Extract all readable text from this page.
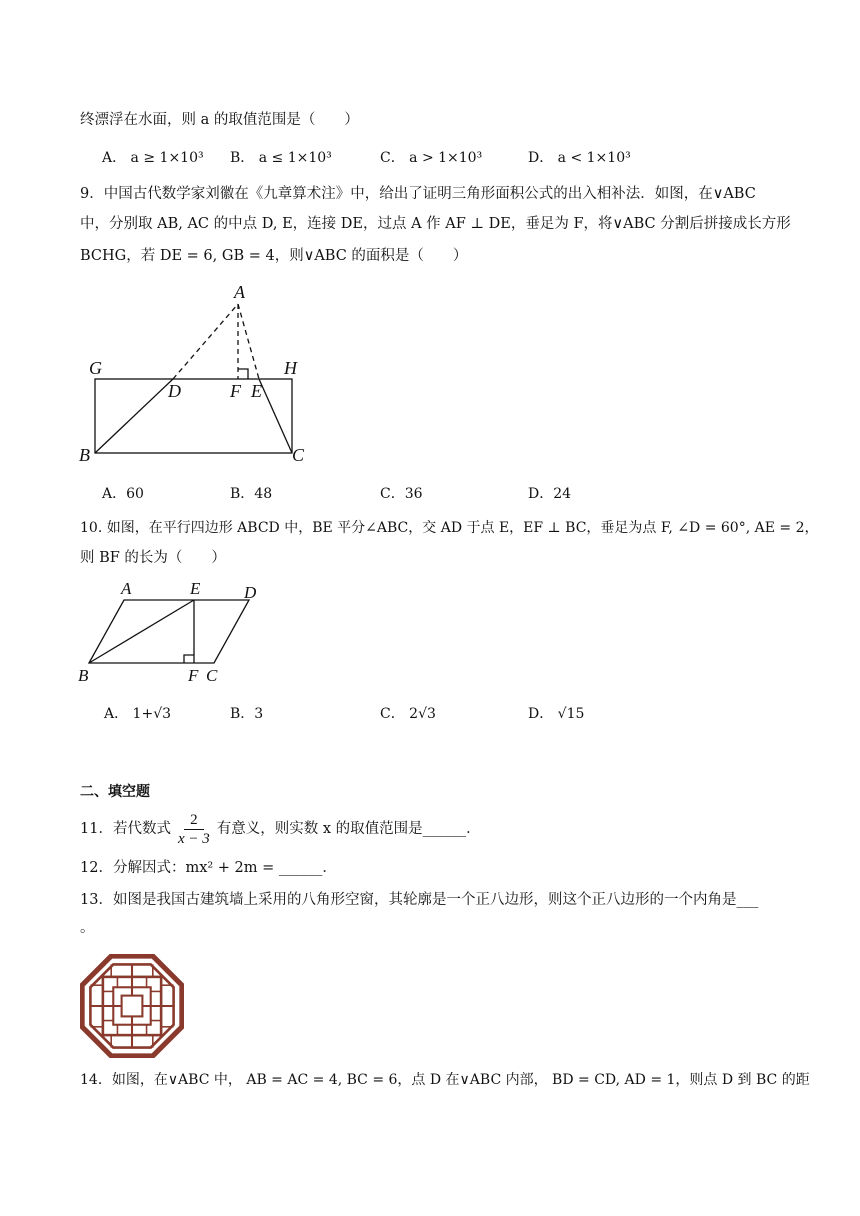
终漂浮在水面，则 a 的取值范围是（　　）
A． a ≥ 1×10³ B． a ≤ 1×10³	C． a > 1×10³	D． a < 1×10³
9．中国古代数学家刘徽在《九章算术注》中，给出了证明三角形面积公式的出入相补法．如图，在∨ABC
中，分别取 AB, AC 的中点 D, E，连接 DE，过点 A 作 AF ⊥ DE，垂足为 F，将∨ABC 分割后拼接成长方形
BCHG，若 DE = 6, GB = 4，则∨ABC 的面积是（　　）
A
G	H
D	F E
B	C
A．60	B．48	C．36	D．24
10. 如图，在平行四边形 ABCD 中，BE 平分∠ABC，交 AD 于点 E，EF ⊥ BC，垂足为点 F, ∠D = 60°, AE = 2，
则 BF 的长为（　　）
A	E	D
B	F C
A． 1+√3	B．3	C． 2√3	D． √15
二、填空题
11．若代数式 $\frac{2}{x - 3}$ 有意义，则实数 x 的取值范围是______．
12．分解因式：mx² + 2m = ______．
13．如图是我国古建筑墙上采用的八角形空窗，其轮廓是一个正八边形，则这个正八边形的一个内角是___
。
14．如图，在∨ABC 中， AB = AC = 4, BC = 6，点 D 在∨ABC 内部， BD = CD, AD = 1，则点 D 到 BC 的距
